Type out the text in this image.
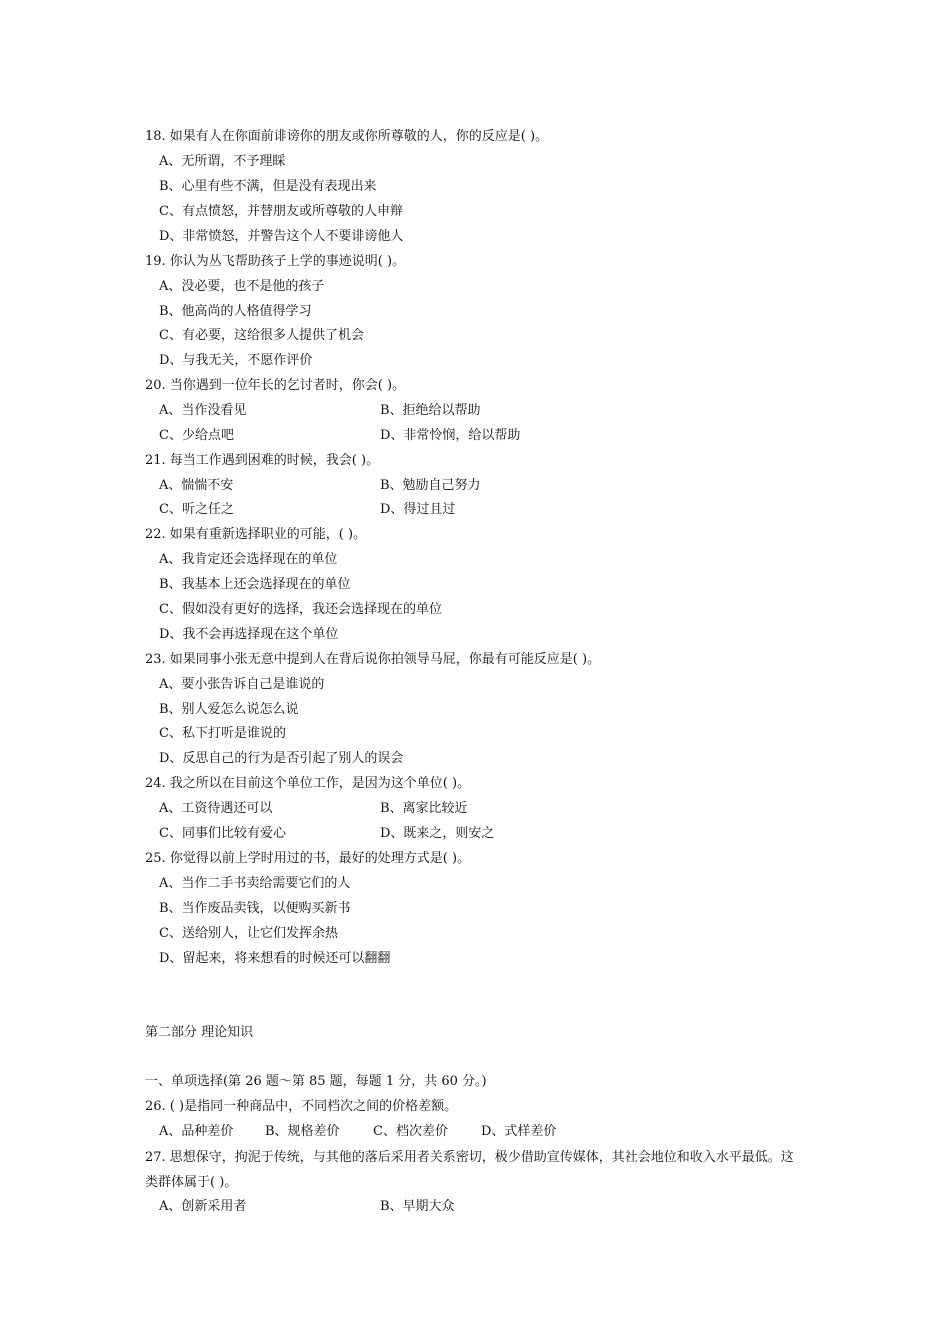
18. 如果有人在你面前诽谤你的朋友或你所尊敬的人，你的反应是( )。
A、无所谓，不予理睬
B、心里有些不满，但是没有表现出来
C、有点愤怒，并替朋友或所尊敬的人申辩
D、非常愤怒，并警告这个人不要诽谤他人
19. 你认为丛飞帮助孩子上学的事迹说明( )。
A、没必要，也不是他的孩子
B、他高尚的人格值得学习
C、有必要，这给很多人提供了机会
D、与我无关，不愿作评价
20. 当你遇到一位年长的乞讨者时，你会( )。
A、当作没看见	B、拒绝给以帮助
C、少给点吧	D、非常怜悯，给以帮助
21. 每当工作遇到困难的时候，我会( )。
A、惴惴不安	B、勉励自己努力
C、听之任之	D、得过且过
22. 如果有重新选择职业的可能，( )。
A、我肯定还会选择现在的单位
B、我基本上还会选择现在的单位
C、假如没有更好的选择，我还会选择现在的单位
D、我不会再选择现在这个单位
23. 如果同事小张无意中提到人在背后说你拍领导马屁，你最有可能反应是( )。
A、要小张告诉自己是谁说的
B、别人爱怎么说怎么说
C、私下打听是谁说的
D、反思自己的行为是否引起了别人的误会
24. 我之所以在目前这个单位工作，是因为这个单位( )。
A、工资待遇还可以	B、离家比较近
C、同事们比较有爱心	D、既来之，则安之
25. 你觉得以前上学时用过的书，最好的处理方式是( )。
A、当作二手书卖给需要它们的人
B、当作废品卖钱，以便购买新书
C、送给别人，让它们发挥余热
D、留起来，将来想看的时候还可以翻翻
第二部分 理论知识
一、单项选择(第 26 题～第 85 题，每题 1 分，共 60 分。)
26. ( )是指同一种商品中，不同档次之间的价格差额。
A、品种差价 B、规格差价	C、档次差价	D、式样差价
27. 思想保守，拘泥于传统，与其他的落后采用者关系密切，极少借助宣传媒体，其社会地位和收入水平最低。这类群体属于( )。
A、创新采用者	B、早期大众
